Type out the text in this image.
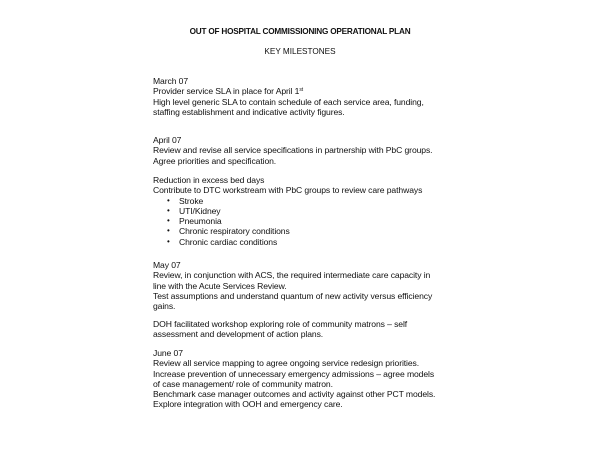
OUT OF HOSPITAL COMMISSIONING OPERATIONAL PLAN
KEY MILESTONES
March 07
Provider service SLA in place for April 1st
High level generic SLA to contain schedule of each service area, funding,
staffing establishment and indicative activity figures.
April 07
Review and revise all service specifications in partnership with PbC groups.
Agree priorities and specification.
Reduction in excess bed days
Contribute to DTC workstream with PbC groups to review care pathways
• Stroke
• UTI/Kidney
• Pneumonia
• Chronic respiratory conditions
• Chronic cardiac conditions
May 07
Review, in conjunction with ACS, the required intermediate care capacity in
line with the Acute Services Review.
Test assumptions and understand quantum of new activity versus efficiency
gains.
DOH facilitated workshop exploring role of community matrons – self
assessment and development of action plans.
June 07
Review all service mapping to agree ongoing service redesign priorities.
Increase prevention of unnecessary emergency admissions – agree models
of case management/ role of community matron.
Benchmark case manager outcomes and activity against other PCT models.
Explore integration with OOH and emergency care.
